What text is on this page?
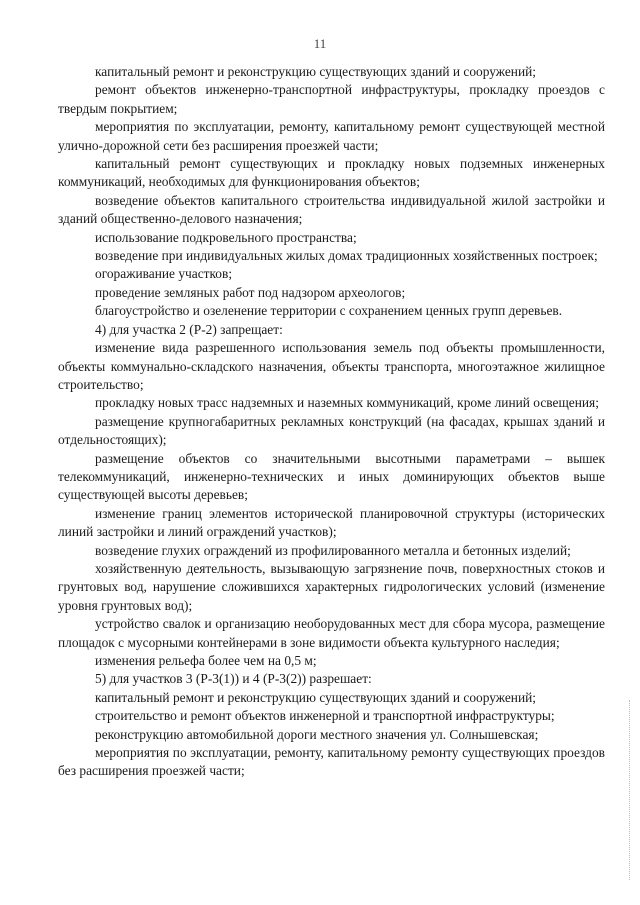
11

капитальный ремонт и реконструкцию существующих зданий и сооружений;

ремонт объектов инженерно-транспортной инфраструктуры, прокладку проездов с твердым покрытием;

мероприятия по эксплуатации, ремонту, капитальному ремонт существующей местной улично-дорожной сети без расширения проезжей части;

капитальный ремонт существующих и прокладку новых подземных инженерных коммуникаций, необходимых для функционирования объектов;

возведение объектов капитального строительства индивидуальной жилой застройки и зданий общественно-делового назначения;

использование подкровельного пространства;

возведение при индивидуальных жилых домах традиционных хозяйственных построек;

огораживание участков;

проведение земляных работ под надзором археологов;

благоустройство и озеленение территории с сохранением ценных групп деревьев.

4) для участка 2 (Р-2) запрещает:

изменение вида разрешенного использования земель под объекты промышленности, объекты коммунально-складского назначения, объекты транспорта, многоэтажное жилищное строительство;

прокладку новых трасс надземных и наземных коммуникаций, кроме линий освещения;

размещение крупногабаритных рекламных конструкций (на фасадах, крышах зданий и отдельностоящих);

размещение объектов со значительными высотными параметрами – вышек телекоммуникаций, инженерно-технических и иных доминирующих объектов выше существующей высоты деревьев;

изменение границ элементов исторической планировочной структуры (исторических линий застройки и линий ограждений участков);

возведение глухих ограждений из профилированного металла и бетонных изделий;

хозяйственную деятельность, вызывающую загрязнение почв, поверхностных стоков и грунтовых вод, нарушение сложившихся характерных гидрологических условий (изменение уровня грунтовых вод);

устройство свалок и организацию необорудованных мест для сбора мусора, размещение площадок с мусорными контейнерами в зоне видимости объекта культурного наследия;

изменения рельефа более чем на 0,5 м;

5) для участков 3 (Р-3(1)) и 4 (Р-3(2)) разрешает:

капитальный ремонт и реконструкцию существующих зданий и сооружений;

строительство и ремонт объектов инженерной и транспортной инфраструктуры;

реконструкцию автомобильной дороги местного значения ул. Солнышевская;

мероприятия по эксплуатации, ремонту, капитальному ремонту существующих проездов без расширения проезжей части;
